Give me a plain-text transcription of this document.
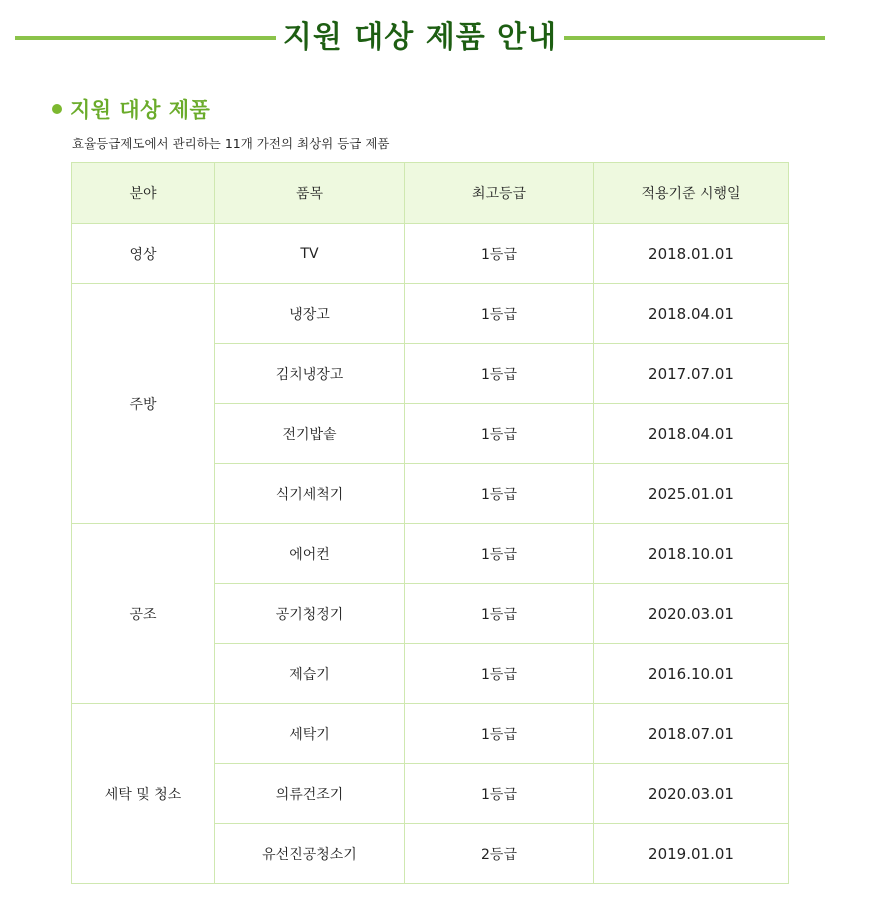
지원 대상 제품 안내
지원 대상 제품
효율등급제도에서 관리하는 11개 가전의 최상위 등급 제품
분야	품목	최고등급	적용기준 시행일
영상	TV	1등급	2018.01.01
주방	냉장고	1등급	2018.04.01
	김치냉장고	1등급	2017.07.01
	전기밥솥	1등급	2018.04.01
	식기세척기	1등급	2025.01.01
공조	에어컨	1등급	2018.10.01
	공기청정기	1등급	2020.03.01
	제습기	1등급	2016.10.01
세탁 및 청소	세탁기	1등급	2018.07.01
	의류건조기	1등급	2020.03.01
	유선진공청소기	2등급	2019.01.01
